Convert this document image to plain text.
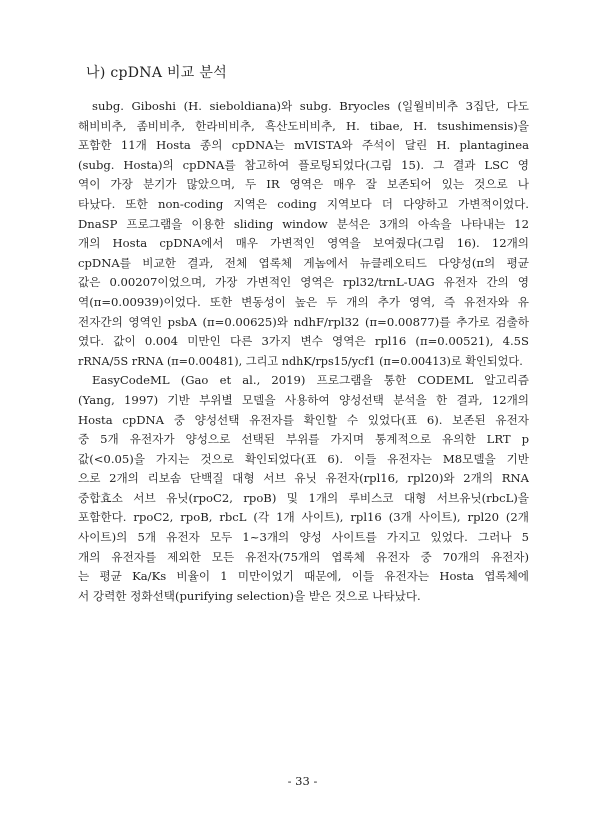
나) cpDNA 비교 분석
subg. Giboshi (H. sieboldiana)와 subg. Bryocles (일월비비추 3집단, 다도
해비비추, 좀비비추, 한라비비추, 흑산도비비추, H. tibae, H. tsushimensis)을
포함한 11개 Hosta 종의 cpDNA는 mVISTA와 주석이 달린 H. plantaginea
(subg. Hosta)의 cpDNA를 참고하여 플로팅되었다(그림 15). 그 결과 LSC 영
역이 가장 분기가 많았으며, 두 IR 영역은 매우 잘 보존되어 있는 것으로 나
타났다. 또한 non-coding 지역은 coding 지역보다 더 다양하고 가변적이었다.
DnaSP 프로그램을 이용한 sliding window 분석은 3개의 아속을 나타내는 12
개의 Hosta cpDNA에서 매우 가변적인 영역을 보여줬다(그림 16). 12개의
cpDNA를 비교한 결과, 전체 엽록체 게놈에서 뉴클레오티드 다양성(π의 평균
값은 0.00207이었으며, 가장 가변적인 영역은 rpl32/trnL-UAG 유전자 간의 영
역(π=0.00939)이었다. 또한 변동성이 높은 두 개의 추가 영역, 즉 유전자와 유
전자간의 영역인 psbA (π=0.00625)와 ndhF/rpl32 (π=0.00877)를 추가로 검출하
였다. 값이 0.004 미만인 다른 3가지 변수 영역은 rpl16 (π=0.00521), 4.5S
rRNA/5S rRNA (π=0.00481), 그리고 ndhK/rps15/ycf1 (π=0.00413)로 확인되었다.
EasyCodeML (Gao et al., 2019) 프로그램을 통한 CODEML 알고리즘
(Yang, 1997) 기반 부위별 모델을 사용하여 양성선택 분석을 한 결과, 12개의
Hosta cpDNA 중 양성선택 유전자를 확인할 수 있었다(표 6). 보존된 유전자
중 5개 유전자가 양성으로 선택된 부위를 가지며 통계적으로 유의한 LRT p
값(<0.05)을 가지는 것으로 확인되었다(표 6). 이들 유전자는 M8모델을 기반
으로 2개의 리보솜 단백질 대형 서브 유닛 유전자(rpl16, rpl20)와 2개의 RNA
중합효소 서브 유닛(rpoC2, rpoB) 및 1개의 루비스코 대형 서브유닛(rbcL)을
포함한다. rpoC2, rpoB, rbcL (각 1개 사이트), rpl16 (3개 사이트), rpl20 (2개
사이트)의 5개 유전자 모두 1~3개의 양성 사이트를 가지고 있었다. 그러나 5
개의 유전자를 제외한 모든 유전자(75개의 엽록체 유전자 중 70개의 유전자)
는 평균 Ka/Ks 비율이 1 미만이었기 때문에, 이들 유전자는 Hosta 엽록체에
서 강력한 정화선택(purifying selection)을 받은 것으로 나타났다.
- 33 -
